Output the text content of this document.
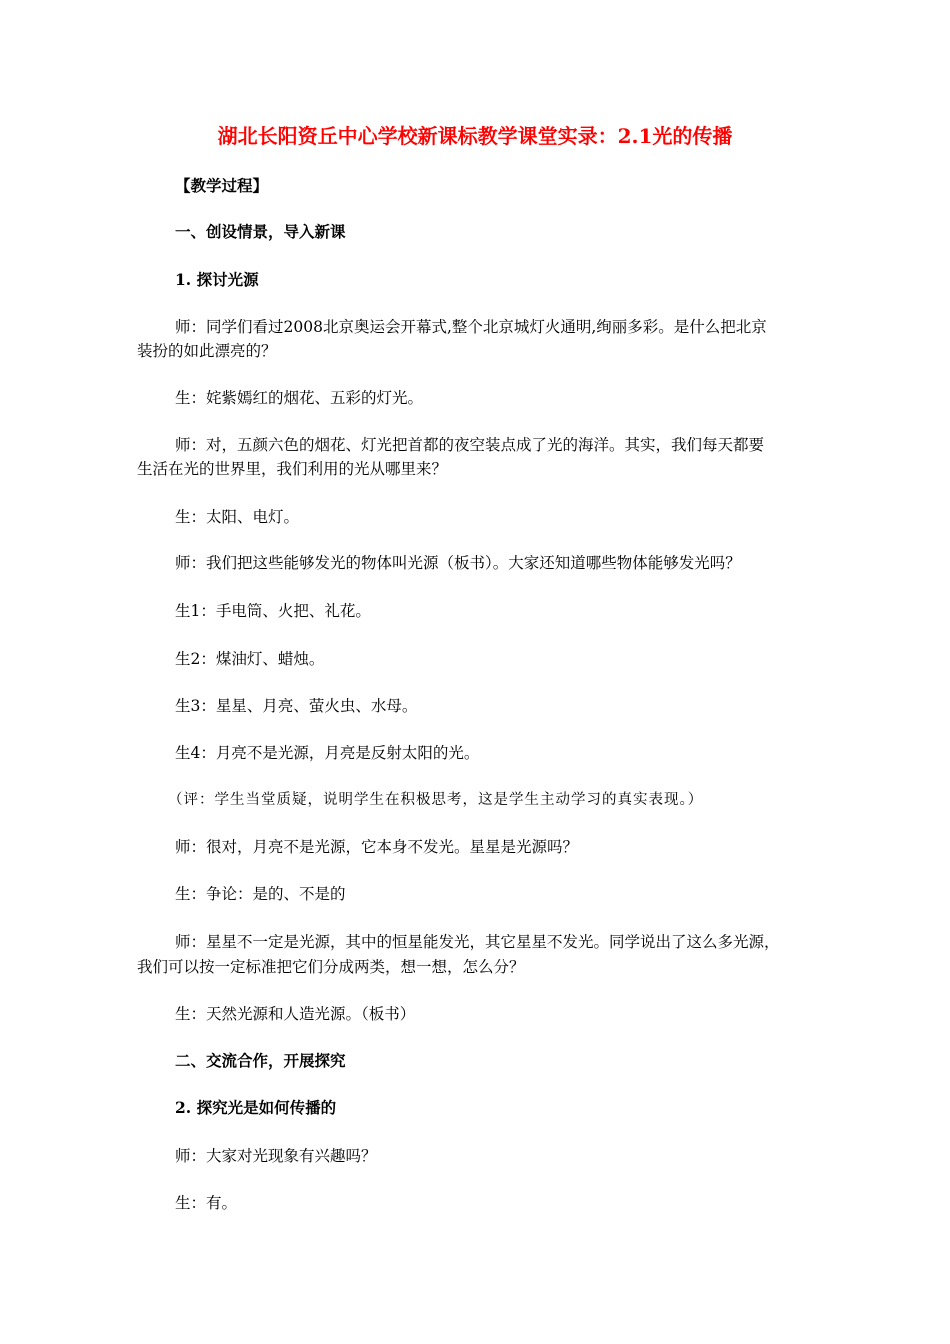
湖北长阳资丘中心学校新课标教学课堂实录：2.1光的传播
【教学过程】
一、创设情景，导入新课
1. 探讨光源
师：同学们看过2008北京奥运会开幕式,整个北京城灯火通明,绚丽多彩。是什么把北京
装扮的如此漂亮的？
生：姹紫嫣红的烟花、五彩的灯光。
师：对，五颜六色的烟花、灯光把首都的夜空装点成了光的海洋。其实，我们每天都要
生活在光的世界里，我们利用的光从哪里来？
生：太阳、电灯。
师：我们把这些能够发光的物体叫光源（板书）。大家还知道哪些物体能够发光吗？
生1：手电筒、火把、礼花。
生2：煤油灯、蜡烛。
生3：星星、月亮、萤火虫、水母。
生4：月亮不是光源，月亮是反射太阳的光。
（评：学生当堂质疑，说明学生在积极思考，这是学生主动学习的真实表现。）
师：很对，月亮不是光源，它本身不发光。星星是光源吗？
生：争论：是的、不是的
师：星星不一定是光源，其中的恒星能发光，其它星星不发光。同学说出了这么多光源，
我们可以按一定标准把它们分成两类，想一想，怎么分？
生：天然光源和人造光源。（板书）
二、交流合作，开展探究
2. 探究光是如何传播的
师：大家对光现象有兴趣吗？
生：有。
